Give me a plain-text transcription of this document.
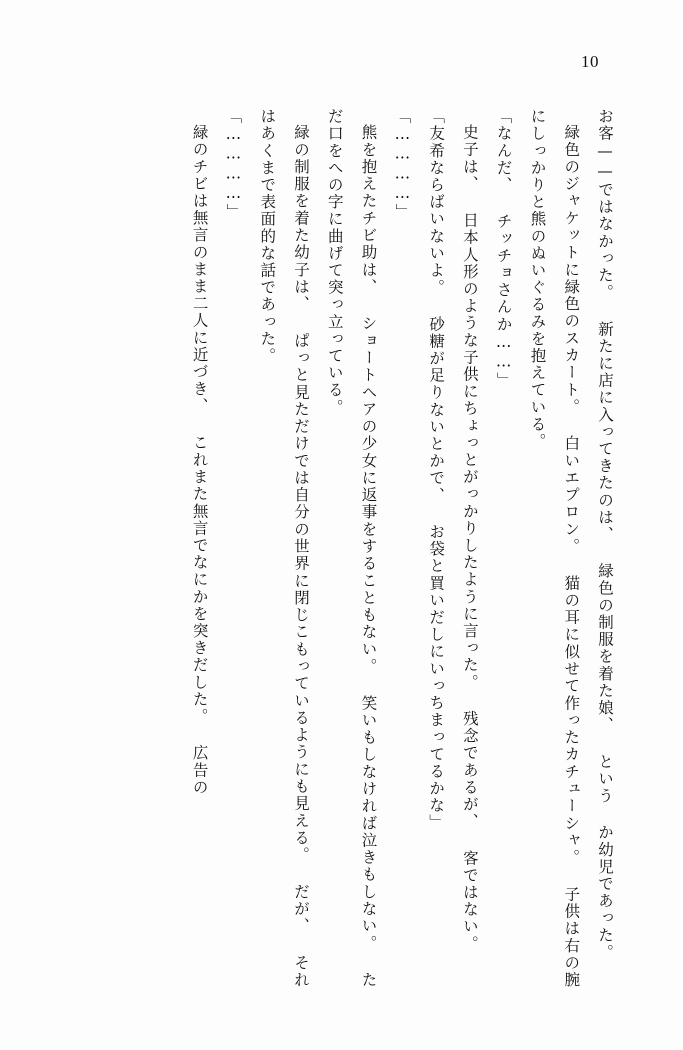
10

お客——ではなかった。 新たに店に入ってきたのは、 緑色の制服を着た娘、 という か幼児であった。

緑色のジャケットに緑色のスカート。 白いエプロン。 猫の耳に似せて作ったカチューシャ。 子供は右の腕にしっかりと熊のぬいぐるみを抱えている。

「なんだ、 チッチョさんか……」

史子は、 日本人形のような子供にちょっとがっかりしたように言った。 残念であるが、 客ではない。

「友希ならばいないよ。 砂糖が足りないとかで、 お袋と買いだしにいっちまってるかな」

「…………」

熊を抱えたチビ助は、 ショートヘアの少女に返事をすることもない。 笑いもしなければ泣きもしない。 ただ口をへの字に曲げて突っ立っている。

緑の制服を着た幼子は、 ぱっと見ただけでは自分の世界に閉じこもっているようにも見える。 だが、 それはあくまで表面的な話であった。

「…………」

緑のチビは無言のまま二人に近づき、 これまた無言でなにかを突きだした。 広告の
